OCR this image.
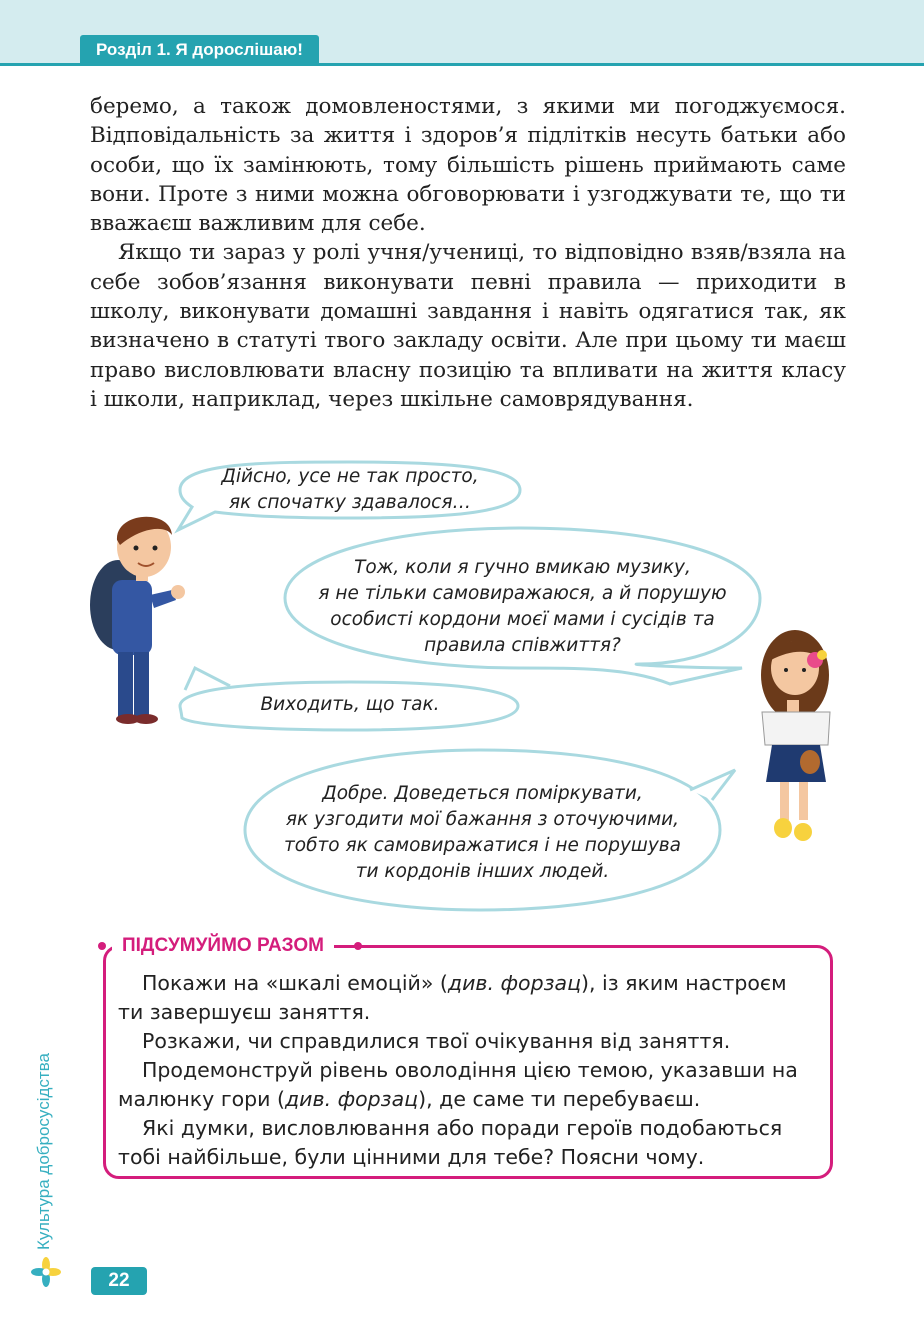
Розділ 1. Я дорослішаю!

беремо, а також домовленостями, з якими ми погоджуємося. Відповідальність за життя і здоров’я підлітків несуть батьки або особи, що їх замінюють, тому більшість рішень приймають саме вони. Проте з ними можна обговорювати і узгоджувати те, що ти вважаєш важливим для себе.

Якщо ти зараз у ролі учня/учениці, то відповідно взяв/взяла на себе зобов’язання виконувати певні правила — приходити в школу, виконувати домашні завдання і навіть одягатися так, як визначено в статуті твого закладу освіти. Але при цьому ти маєш право висловлювати власну позицію та впливати на життя класу і школи, наприклад, через шкільне самоврядування.

Дійсно, усе не так просто,
як спочатку здавалося…
Тож, коли я гучно вмикаю музику,
я не тільки самовиражаюся, а й порушую
особисті кордони моєї мами і сусідів та
правила співжиття?
Виходить, що так.
Добре. Доведеться поміркувати,
як узгодити мої бажання з оточуючими,
тобто як самовиражатися і не порушува
ти кордонів інших людей.
ПІДСУМУЙМО РАЗОМ

Покажи на «шкалі емоцій» (див. форзац), із яким настроєм ти завершуєш заняття.

Розкажи, чи справдилися твої очікування від заняття.

Продемонструй рівень оволодіння цією темою, указавши на малюнку гори (див. форзац), де саме ти перебуваєш.

Які думки, висловлювання або поради героїв подобаються тобі найбільше, були цінними для тебе? Поясни чому.

Культура добросусідства
22
